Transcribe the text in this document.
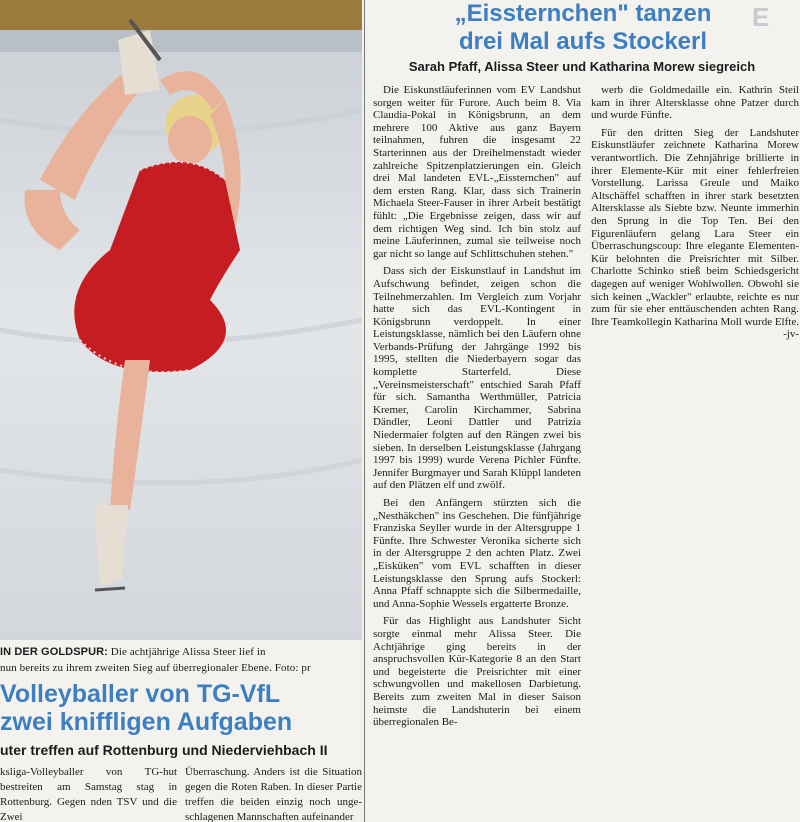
IN DER GOLDSPUR: Die achtjährige Alissa Steer lief in
nun bereits zu ihrem zweiten Sieg auf überregionaler Ebene. Foto: pr
Volleyballer von TG-VfL
zwei kniffligen Aufgaben
uter treffen auf Rottenburg und Niederviehbach II

ksliga-Volleyballer von TG-hut bestreiten am Samstag stag in Rottenburg. Gegen nden TSV und die Zwei

Überraschung. Anders ist die Situation gegen die Roten Raben. In dieser Partie treffen die beiden einzig noch unge-schlagenen Mannschaften aufeinander

E
„Eissternchen" tanzen
drei Mal aufs Stockerl
Sarah Pfaff, Alissa Steer und Katharina Morew siegreich

Die Eiskunstläuferinnen vom EV Landshut sorgen weiter für Furore. Auch beim 8. Via Claudia-Pokal in Königsbrunn, an dem mehrere 100 Aktive aus ganz Bayern teilnahmen, fuhren die insgesamt 22 Starterinnen aus der Dreihelmenstadt wieder zahlreiche Spitzenplatzierungen ein. Gleich drei Mal landeten EVL-„Eissternchen" auf dem ersten Rang. Klar, dass sich Trainerin Michaela Steer-Fauser in ihrer Arbeit bestätigt fühlt: „Die Ergebnisse zeigen, dass wir auf dem richtigen Weg sind. Ich bin stolz auf meine Läuferinnen, zumal sie teilweise noch gar nicht so lange auf Schlittschuhen stehen."

Dass sich der Eiskunstlauf in Landshut im Aufschwung befindet, zeigen schon die Teilnehmerzahlen. Im Vergleich zum Vorjahr hatte sich das EVL-Kontingent in Königsbrunn verdoppelt. In einer Leistungsklasse, nämlich bei den Läufern ohne Verbands-Prüfung der Jahrgänge 1992 bis 1995, stellten die Niederbayern sogar das komplette Starterfeld. Diese „Vereinsmeisterschaft" entschied Sarah Pfaff für sich. Samantha Werthmüller, Patricia Kremer, Carolin Kirchammer, Sabrina Dändler, Leoni Dattler und Patrizia Niedermaier folgten auf den Rängen zwei bis sieben. In derselben Leistungsklasse (Jahrgang 1997 bis 1999) wurde Verena Pichler Fünfte. Jennifer Burgmayer und Sarah Klüppl landeten auf den Plätzen elf und zwölf.

Bei den Anfängern stürzten sich die „Nesthäkchen" ins Geschehen. Die fünfjährige Franziska Seyller wurde in der Altersgruppe 1 Fünfte. Ihre Schwester Veronika sicherte sich in der Altersgruppe 2 den achten Platz. Zwei „Eisküken" vom EVL schafften in dieser Leistungsklasse den Sprung aufs Stockerl: Anna Pfaff schnappte sich die Silbermedaille, und Anna-Sophie Wessels ergatterte Bronze.

Für das Highlight aus Landshuter Sicht sorgte einmal mehr Alissa Steer. Die Achtjährige ging bereits in der anspruchsvollen Kür-Kategorie 8 an den Start und begeisterte die Preisrichter mit einer schwungvollen und makellosen Darbietung. Bereits zum zweiten Mal in dieser Saison heimste die Landshuterin bei einem überregionalen Be-

werb die Goldmedaille ein. Kathrin Steil kam in ihrer Altersklasse ohne Patzer durch und wurde Fünfte.

Für den dritten Sieg der Landshuter Eiskunstläufer zeichnete Katharina Morew verantwortlich. Die Zehnjährige brillierte in ihrer Elemente-Kür mit einer fehlerfreien Vorstellung. Larissa Greule und Maiko Altschäffel schafften in ihrer stark besetzten Altersklasse als Siebte bzw. Neunte immerhin den Sprung in die Top Ten. Bei den Figurenläufern gelang Lara Steer ein Überraschungscoup: Ihre elegante Elementen-Kür belohnten die Preisrichter mit Silber. Charlotte Schinko stieß beim Schiedsgericht dagegen auf weniger Wohlwollen. Obwohl sie sich keinen „Wackler" erlaubte, reichte es nur zum für sie eher enttäuschenden achten Rang. Ihre Teamkollegin Katharina Moll wurde Elfte.

-jv-
